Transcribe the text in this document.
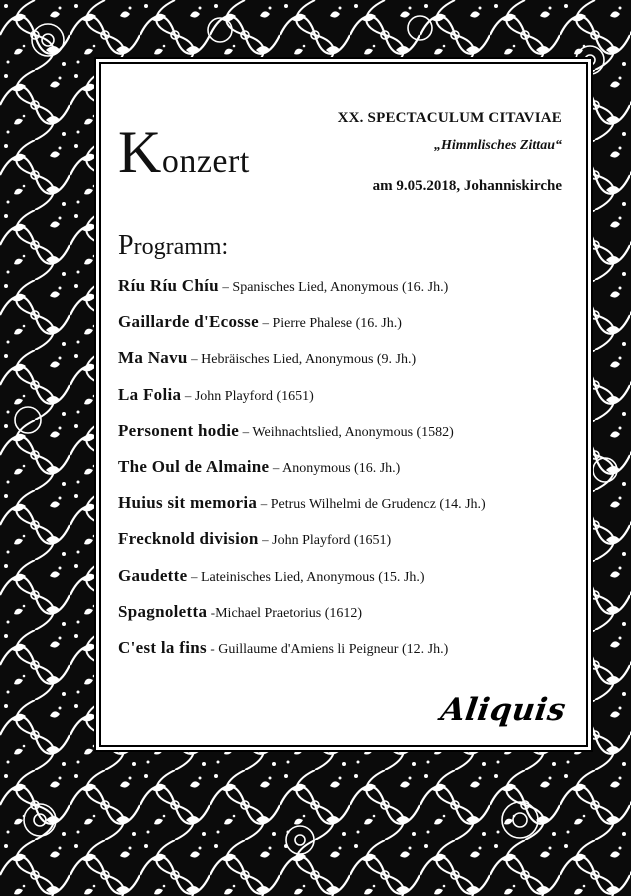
XX. SPECTACULUM CITAVIAE

„Himmlisches Zittau“

am 9.05.2018, Johanniskirche

Konzert
Programm:
Ríu Ríu Chíu – Spanisches Lied, Anonymous (16. Jh.)
Gaillarde d'Ecosse – Pierre Phalese (16. Jh.)
Ma Navu – Hebräisches Lied, Anonymous (9. Jh.)
La Folia – John Playford (1651)
Personent hodie – Weihnachtslied, Anonymous (1582)
The Oul de Almaine – Anonymous (16. Jh.)
Huius sit memoria – Petrus Wilhelmi de Grudencz (14. Jh.)
Frecknold division – John Playford (1651)
Gaudette – Lateinisches Lied, Anonymous (15. Jh.)
Spagnoletta -Michael Praetorius (1612)
C'est la fins - Guillaume d'Amiens li Peigneur (12. Jh.)

Aliquis
